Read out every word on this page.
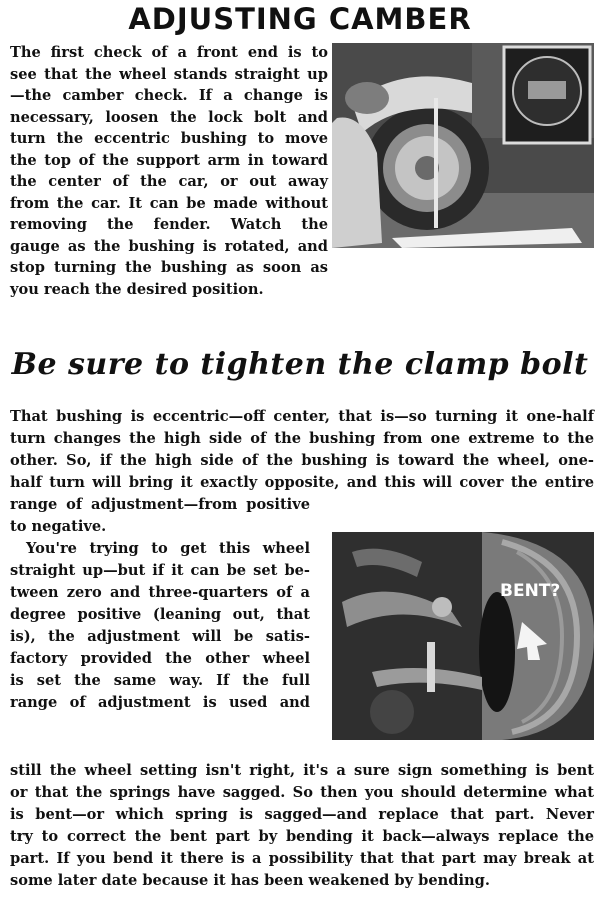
ADJUSTING CAMBER
The first check of a front end is to
see that the wheel stands straight up
—the camber check. If a change is
necessary, loosen the lock bolt and
turn the eccentric bushing to move
the top of the support arm in toward
the center of the car, or out away
from the car. It can be made without
removing the fender. Watch the
gauge as the bushing is rotated, and
stop turning the bushing as soon as
you reach the desired position.
Be sure to tighten the clamp bolt
That bushing is eccentric—off center, that is—so turning it one-half
turn changes the high side of the bushing from one extreme to the
other. So, if the high side of the bushing is toward the wheel, one-
half turn will bring it exactly opposite, and this will cover the entire
range of adjustment—from positive
to negative.
You're trying to get this wheel
straight up—but if it can be set be-
tween zero and three-quarters of a
degree positive (leaning out, that
is), the adjustment will be satis-
factory provided the other wheel
is set the same way. If the full
range of adjustment is used and
BENT?
still the wheel setting isn't right, it's a sure sign something is bent
or that the springs have sagged. So then you should determine what
is bent—or which spring is sagged—and replace that part. Never
try to correct the bent part by bending it back—always replace the
part. If you bend it there is a possibility that that part may break at
some later date because it has been weakened by bending.
